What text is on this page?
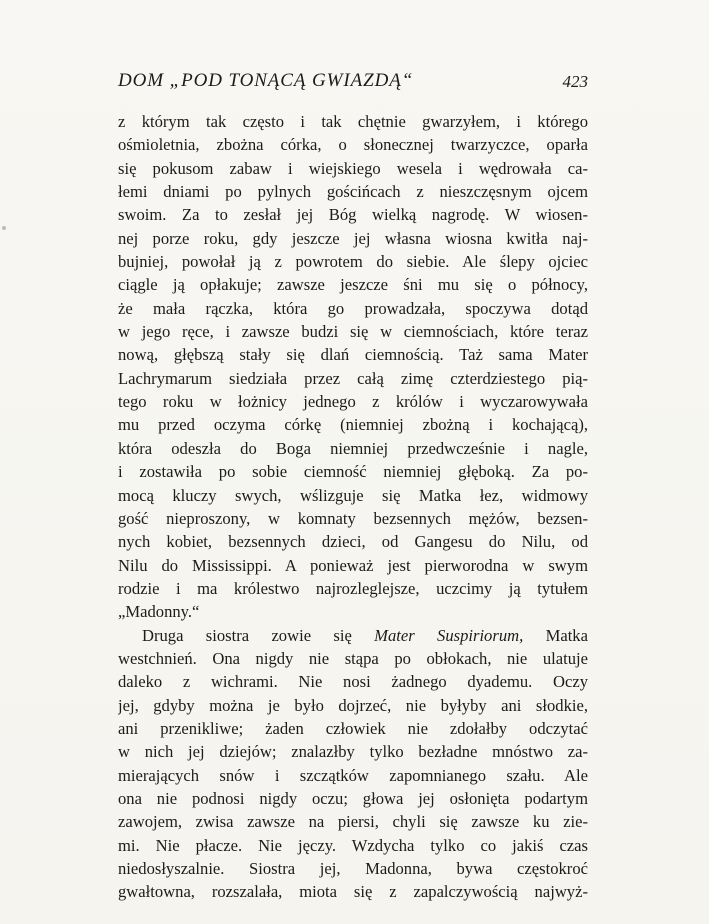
DOM „POD TONĄCĄ GWIAZDĄ“	423
z którym tak często i tak chętnie gwarzyłem, i którego
ośmioletnia, zbożna córka, o słonecznej twarzyczce, oparła
się pokusom zabaw i wiejskiego wesela i wędrowała ca-
łemi dniami po pylnych gościńcach z nieszczęsnym ojcem
swoim. Za to zesłał jej Bóg wielką nagrodę. W wiosen-
nej porze roku, gdy jeszcze jej własna wiosna kwitła naj-
bujniej, powołał ją z powrotem do siebie. Ale ślepy ojciec
ciągle ją opłakuje; zawsze jeszcze śni mu się o północy,
że mała rączka, która go prowadzała, spoczywa dotąd
w jego ręce, i zawsze budzi się w ciemnościach, które teraz
nową, głębszą stały się dlań ciemnością. Taż sama Mater
Lachrymarum siedziała przez całą zimę czterdziestego pią-
tego roku w łożnicy jednego z królów i wyczarowywała
mu przed oczyma córkę (niemniej zbożną i kochającą),
która odeszła do Boga niemniej przedwcześnie i nagle,
i zostawiła po sobie ciemność niemniej głęboką. Za po-
mocą kluczy swych, wślizguje się Matka łez, widmowy
gość nieproszony, w komnaty bezsennych mężów, bezsen-
nych kobiet, bezsennych dzieci, od Gangesu do Nilu, od
Nilu do Mississippi. A ponieważ jest pierworodna w swym
rodzie i ma królestwo najrozleglejsze, uczcimy ją tytułem
„Madonny.“
Druga siostra zowie się Mater Suspiriorum, Matka
westchnień. Ona nigdy nie stąpa po obłokach, nie ulatuje
daleko z wichrami. Nie nosi żadnego dyademu. Oczy
jej, gdyby można je było dojrzeć, nie byłyby ani słodkie,
ani przenikliwe; żaden człowiek nie zdołałby odczytać
w nich jej dziejów; znalazłby tylko bezładne mnóstwo za-
mierających snów i szczątków zapomnianego szału. Ale
ona nie podnosi nigdy oczu; głowa jej osłonięta podartym
zawojem, zwisa zawsze na piersi, chyli się zawsze ku zie-
mi. Nie płacze. Nie jęczy. Wzdycha tylko co jakiś czas
niedosłyszalnie. Siostra jej, Madonna, bywa częstokroć
gwałtowna, rozszalała, miota się z zapalczywością najwyż-
